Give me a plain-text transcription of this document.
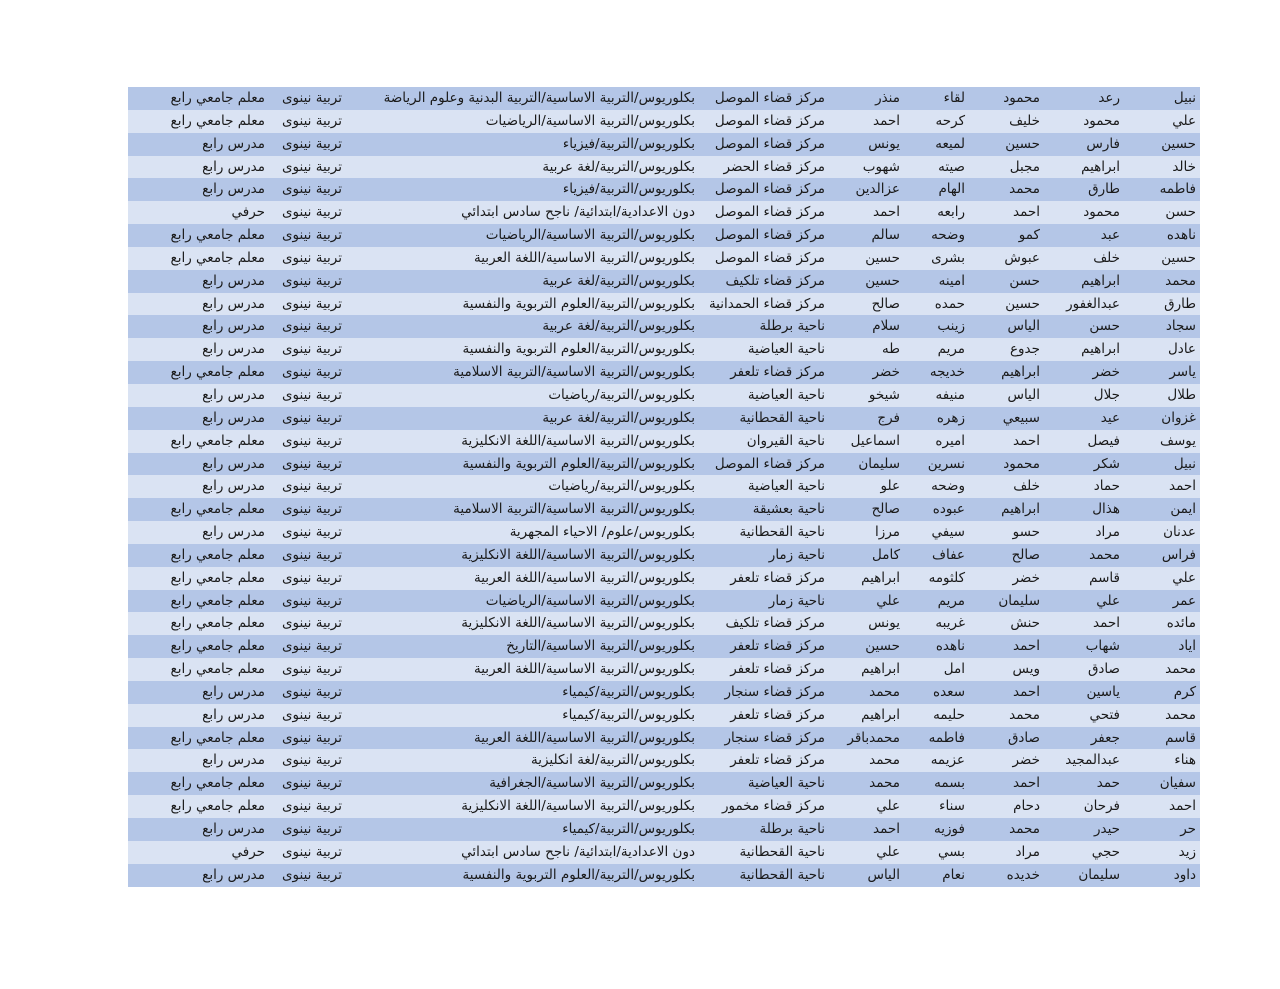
نبيل
رعد
محمود
لقاء
منذر
مركز قضاء الموصل
بكلوريوس/التربية الاساسية/التربية البدنية وعلوم الرياضة
تربية نينوى
معلم جامعي رابع
علي
محمود
خليف
كرحه
احمد
مركز قضاء الموصل
بكلوريوس/التربية الاساسية/الرياضيات
تربية نينوى
معلم جامعي رابع
حسين
فارس
حسين
لميعه
يونس
مركز قضاء الموصل
بكلوريوس/التربية/فيزياء
تربية نينوى
مدرس رابع
خالد
ابراهيم
مجبل
صيته
شهوب
مركز قضاء الحضر
بكلوريوس/التربية/لغة عربية
تربية نينوى
مدرس رابع
فاطمه
طارق
محمد
الهام
عزالدين
مركز قضاء الموصل
بكلوريوس/التربية/فيزياء
تربية نينوى
مدرس رابع
حسن
محمود
احمد
رابعه
احمد
مركز قضاء الموصل
دون الاعدادية/ابتدائية/ ناجح سادس ابتدائي
تربية نينوى
حرفي
ناهده
عبد
كمو
وضحه
سالم
مركز قضاء الموصل
بكلوريوس/التربية الاساسية/الرياضيات
تربية نينوى
معلم جامعي رابع
حسين
خلف
عبوش
بشرى
حسين
مركز قضاء الموصل
بكلوريوس/التربية الاساسية/اللغة العربية
تربية نينوى
معلم جامعي رابع
محمد
ابراهيم
حسن
امينه
حسين
مركز قضاء تلكيف
بكلوريوس/التربية/لغة عربية
تربية نينوى
مدرس رابع
طارق
عبدالغفور
حسين
حمده
صالح
مركز قضاء الحمدانية
بكلوريوس/التربية/العلوم التربوية والنفسية
تربية نينوى
مدرس رابع
سجاد
حسن
الياس
زينب
سلام
ناحية برطلة
بكلوريوس/التربية/لغة عربية
تربية نينوى
مدرس رابع
عادل
ابراهيم
جدوع
مريم
طه
ناحية العياضية
بكلوريوس/التربية/العلوم التربوية والنفسية
تربية نينوى
مدرس رابع
ياسر
خضر
ابراهيم
خديجه
خضر
مركز قضاء تلعفر
بكلوريوس/التربية الاساسية/التربية الاسلامية
تربية نينوى
معلم جامعي رابع
طلال
جلال
الياس
منيفه
شيخو
ناحية العياضية
بكلوريوس/التربية/رياضيات
تربية نينوى
مدرس رابع
غزوان
عيد
سبيعي
زهره
فرج
ناحية القحطانية
بكلوريوس/التربية/لغة عربية
تربية نينوى
مدرس رابع
يوسف
فيصل
احمد
اميره
اسماعيل
ناحية القيروان
بكلوريوس/التربية الاساسية/اللغة الانكليزية
تربية نينوى
معلم جامعي رابع
نبيل
شكر
محمود
نسرين
سليمان
مركز قضاء الموصل
بكلوريوس/التربية/العلوم التربوية والنفسية
تربية نينوى
مدرس رابع
احمد
حماد
خلف
وضحه
علو
ناحية العياضية
بكلوريوس/التربية/رياضيات
تربية نينوى
مدرس رابع
ايمن
هذال
ابراهيم
عبوده
صالح
ناحية بعشيقة
بكلوريوس/التربية الاساسية/التربية الاسلامية
تربية نينوى
معلم جامعي رابع
عدنان
مراد
حسو
سيفي
مرزا
ناحية القحطانية
بكلوريوس/علوم/ الاحياء المجهرية
تربية نينوى
مدرس رابع
فراس
محمد
صالح
عفاف
كامل
ناحية زمار
بكلوريوس/التربية الاساسية/اللغة الانكليزية
تربية نينوى
معلم جامعي رابع
علي
قاسم
خضر
كلثومه
ابراهيم
مركز قضاء تلعفر
بكلوريوس/التربية الاساسية/اللغة العربية
تربية نينوى
معلم جامعي رابع
عمر
علي
سليمان
مريم
علي
ناحية زمار
بكلوريوس/التربية الاساسية/الرياضيات
تربية نينوى
معلم جامعي رابع
مائده
احمد
حنش
غريبه
يونس
مركز قضاء تلكيف
بكلوريوس/التربية الاساسية/اللغة الانكليزية
تربية نينوى
معلم جامعي رابع
اياد
شهاب
احمد
ناهده
حسين
مركز قضاء تلعفر
بكلوريوس/التربية الاساسية/التاريخ
تربية نينوى
معلم جامعي رابع
محمد
صادق
ويس
امل
ابراهيم
مركز قضاء تلعفر
بكلوريوس/التربية الاساسية/اللغة العربية
تربية نينوى
معلم جامعي رابع
كرم
ياسين
احمد
سعده
محمد
مركز قضاء سنجار
بكلوريوس/التربية/كيمياء
تربية نينوى
مدرس رابع
محمد
فتحي
محمد
حليمه
ابراهيم
مركز قضاء تلعفر
بكلوريوس/التربية/كيمياء
تربية نينوى
مدرس رابع
قاسم
جعفر
صادق
فاطمه
محمدباقر
مركز قضاء سنجار
بكلوريوس/التربية الاساسية/اللغة العربية
تربية نينوى
معلم جامعي رابع
هناء
عبدالمجيد
خضر
عزيمه
محمد
مركز قضاء تلعفر
بكلوريوس/التربية/لغة انكليزية
تربية نينوى
مدرس رابع
سفيان
حمد
احمد
بسمه
محمد
ناحية العياضية
بكلوريوس/التربية الاساسية/الجغرافية
تربية نينوى
معلم جامعي رابع
احمد
فرحان
دحام
سناء
علي
مركز قضاء مخمور
بكلوريوس/التربية الاساسية/اللغة الانكليزية
تربية نينوى
معلم جامعي رابع
حر
حيدر
محمد
فوزيه
احمد
ناحية برطلة
بكلوريوس/التربية/كيمياء
تربية نينوى
مدرس رابع
زيد
حجي
مراد
بسي
علي
ناحية القحطانية
دون الاعدادية/ابتدائية/ ناجح سادس ابتدائي
تربية نينوى
حرفي
داود
سليمان
خديده
نعام
الياس
ناحية القحطانية
بكلوريوس/التربية/العلوم التربوية والنفسية
تربية نينوى
مدرس رابع
